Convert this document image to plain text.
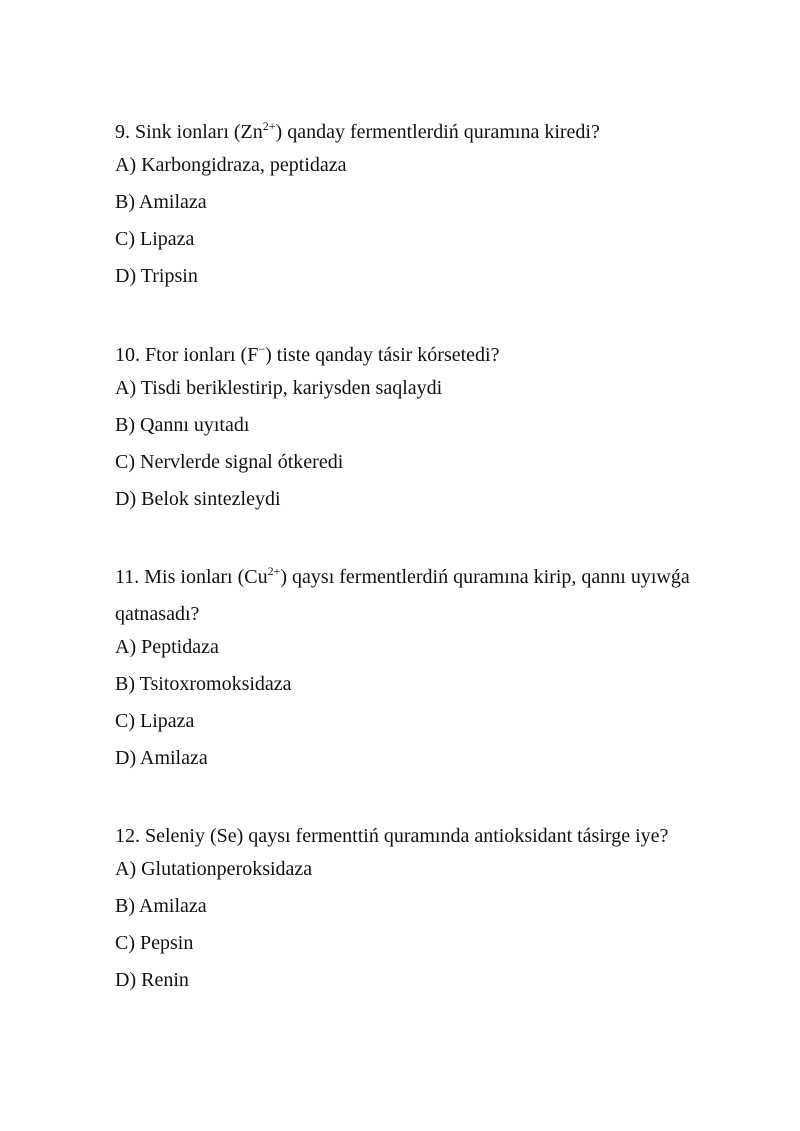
9. Sink ionları $(Zn^{2+})$ qanday fermentlerdiń quramına kiredi?
A) Karbongidraza, peptidaza
B) Amilaza
C) Lipaza
D) Tripsin
10. Ftor ionları (F−) tiste qanday tásir kórsetedi?
A) Tisdi beriklestirip, kariysden saqlaydi
B) Qannı uyıtadı
C) Nervlerde signal ótkeredi
D) Belok sintezleydi
11. Mis ionları $(Cu^{2+})$ qaysı fermentlerdiń quramına kirip, qannı uyıwǵa qatnasadı?
A) Peptidaza
B) Tsitoxromoksidaza
C) Lipaza
D) Amilaza
12. Seleniy (Se) qaysı fermenttiń quramında antioksidant tásirge iye?
A) Glutationperoksidaza
B) Amilaza
C) Pepsin
D) Renin
